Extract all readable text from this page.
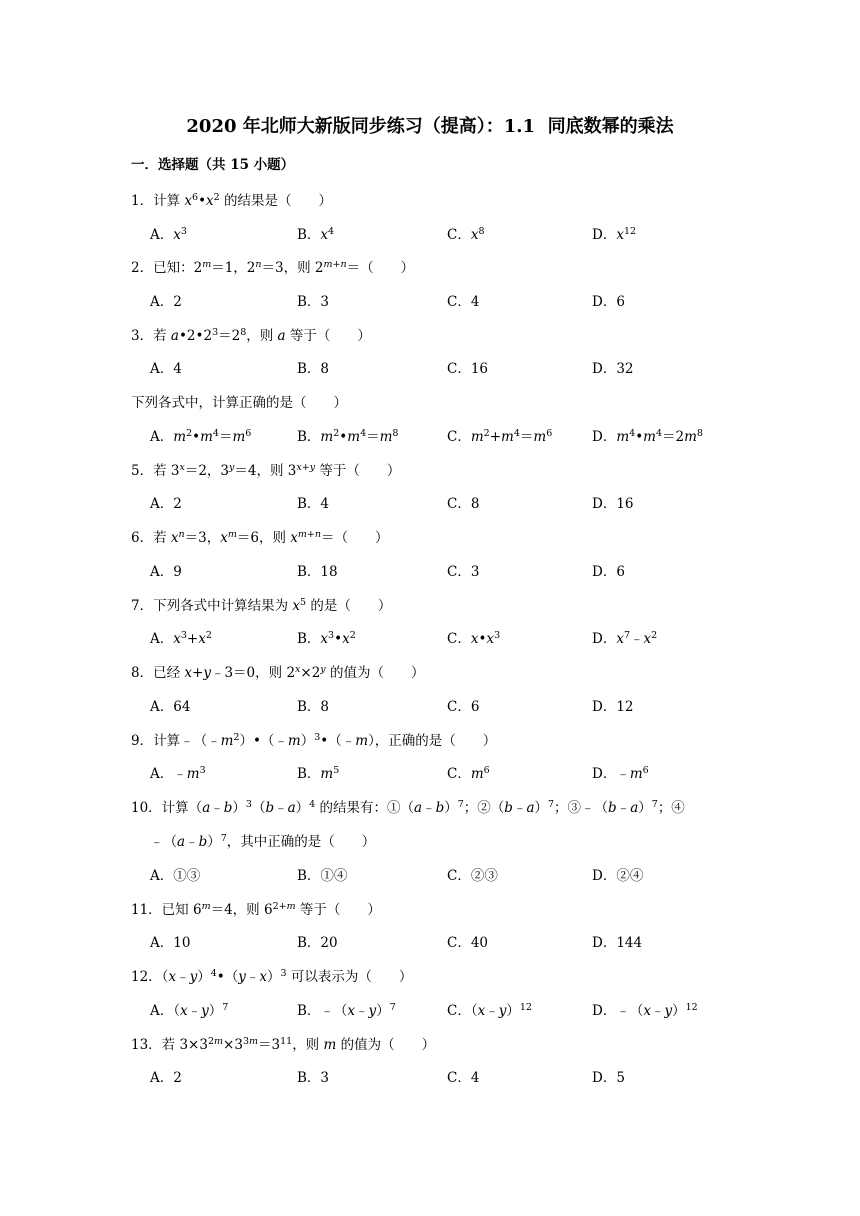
2020 年北师大新版同步练习（提高）：1.1  同底数幂的乘法
一．选择题（共 15 小题）
1．计算 $x^6•x^2$ 的结果是（　　）
A．$x^3$	B．$x^4$	C．$x^8$	D．$x^{12}$
2．已知：$2^m=1$，$2^n=3$，则 $2^{m+n}=$（　　）
A．2	B．3	C．4	D．6
3．若 $a•2•2^3=2^8$，则 a 等于（　　）
A．4	B．8	C．16	D．32
下列各式中，计算正确的是（　　）
A．$m^2•m^4=m^6$	B．$m^2•m^4=m^8$	C．$m^2+m^4=m^6$	D．$m^4•m^4=2m^8$
5．若 $3^x=2$，$3^y=4$，则 $3^{x+y}$ 等于（　　）
A．2	B．4	C．8	D．16
6．若 $x^n=3$，$x^m=6$，则 $x^{m+n}=$（　　）
A．9	B．18	C．3	D．6
7．下列各式中计算结果为 $x^5$ 的是（　　）
A．$x^3+x^2$	B．$x^3•x^2$	C．$x•x^3$	D．$x^7﹣x^2$
8．已经 x+y﹣3＝0，则 $2^x\times 2^y$ 的值为（　　）
A．64	B．8	C．6	D．12
9．计算$﹣(﹣m^2)•(﹣m)^3•(﹣m)$，正确的是（　　）
A．$﹣m^3$	B．$m^5$	C．$m^6$	D．$﹣m^6$
10．计算（a﹣b）$^3$（b﹣a）$^4$ 的结果有：①（a﹣b）$^7$；②（b﹣a）$^7$；③﹣（b﹣a）$^7$；④
﹣（a﹣b）$^7$，其中正确的是（　　）
A．①③	B．①④	C．②③	D．②④
11．已知 $6^m=4$，则 $6^{2+m}$ 等于（　　）
A．10	B．20	C．40	D．144
12．（x﹣y）$^4$•（y﹣x）$^3$ 可以表示为（　　）
A．（x﹣y）$^7$	B．﹣（x﹣y）$^7$	C．（x﹣y）$^{12}$	D．﹣（x﹣y）$^{12}$
13．若 $3\times 3^{2m}\times 3^{3m}=3^{11}$，则 m 的值为（　　）
A．2	B．3	C．4	D．5
